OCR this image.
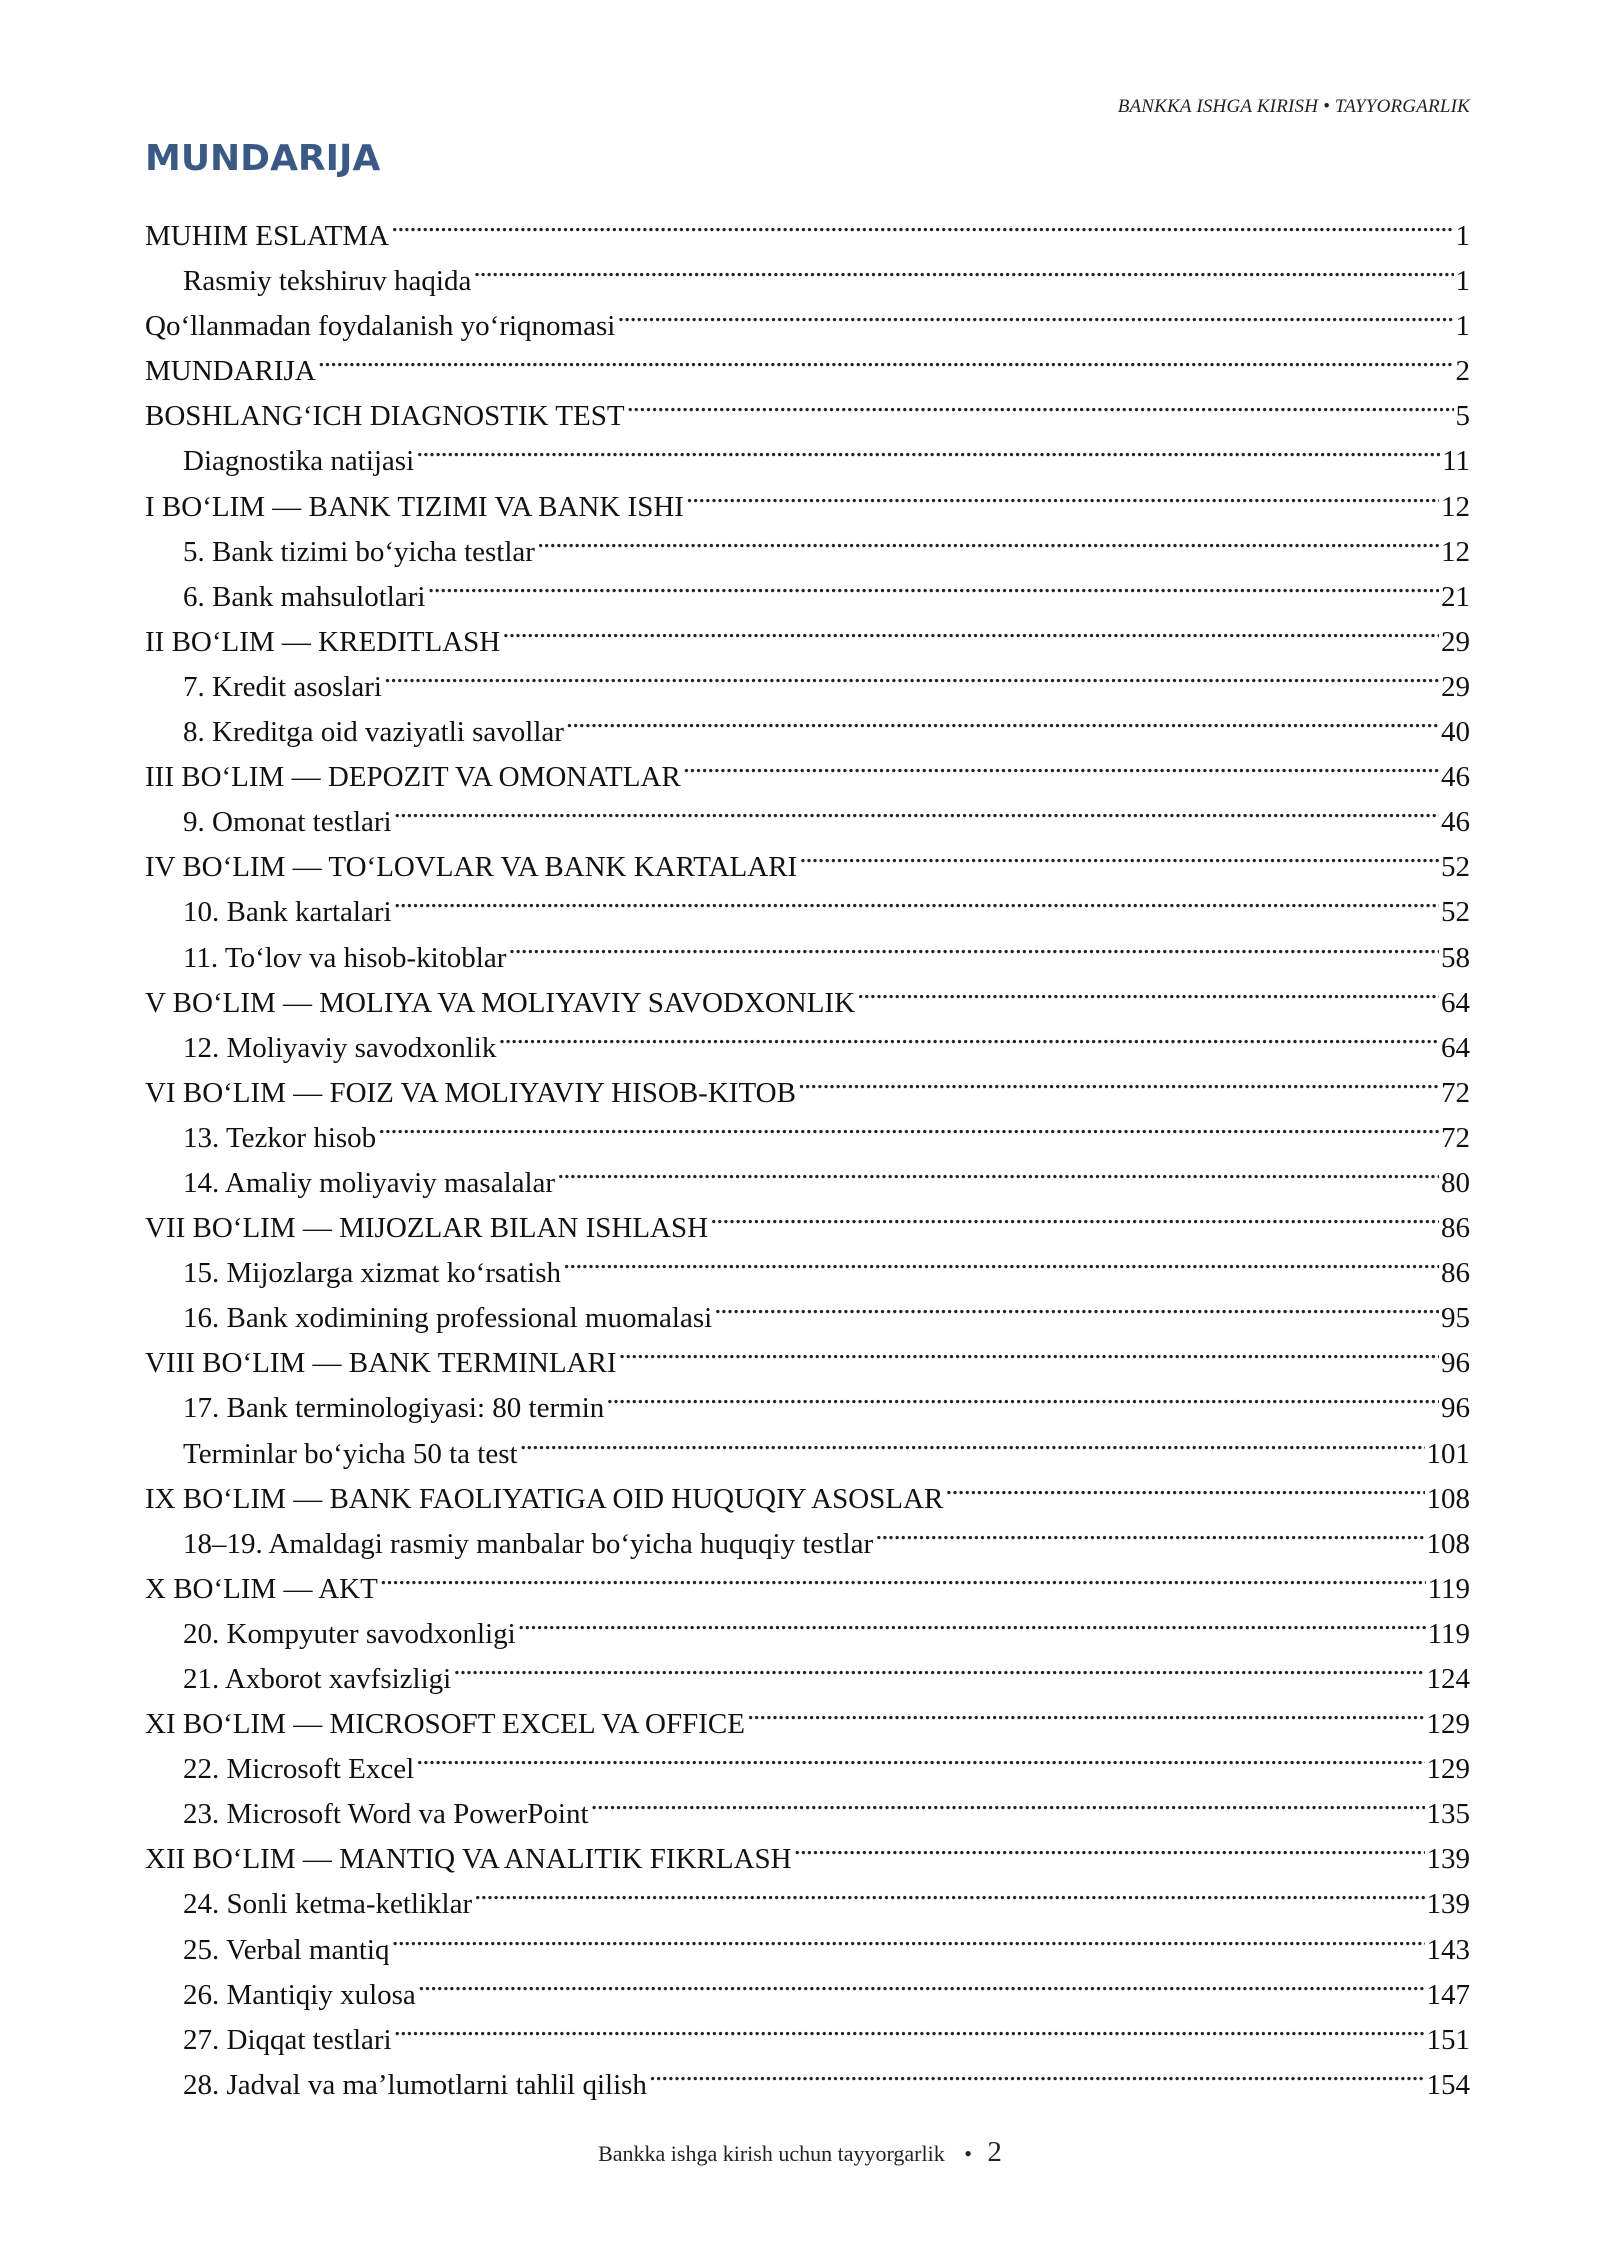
BANKKA ISHGA KIRISH • TAYYORGARLIK
MUNDARIJA
MUHIM ESLATMA . . .	1
Rasmiy tekshiruv haqida . . .	1
Qo‘llanmadan foydalanish yo‘riqnomasi . . .	1
MUNDARIJA . . .	2
BOSHLANG‘ICH DIAGNOSTIK TEST . . .	5
Diagnostika natijasi . . .	11
I BO‘LIM — BANK TIZIMI VA BANK ISHI . . .	12
5. Bank tizimi bo‘yicha testlar . . .	12
6. Bank mahsulotlari . . .	21
II BO‘LIM — KREDITLASH . . .	29
7. Kredit asoslari . . .	29
8. Kreditga oid vaziyatli savollar . . .	40
III BO‘LIM — DEPOZIT VA OMONATLAR . . .	46
9. Omonat testlari . . .	46
IV BO‘LIM — TO‘LOVLAR VA BANK KARTALARI . . .	52
10. Bank kartalari . . .	52
11. To‘lov va hisob-kitoblar . . .	58
V BO‘LIM — MOLIYA VA MOLIYAVIY SAVODXONLIK . . .	64
12. Moliyaviy savodxonlik . . .	64
VI BO‘LIM — FOIZ VA MOLIYAVIY HISOB-KITOB . . .	72
13. Tezkor hisob . . .	72
14. Amaliy moliyaviy masalalar . . .	80
VII BO‘LIM — MIJOZLAR BILAN ISHLASH . . .	86
15. Mijozlarga xizmat ko‘rsatish . . .	86
16. Bank xodimining professional muomalasi . . .	95
VIII BO‘LIM — BANK TERMINLARI . . .	96
17. Bank terminologiyasi: 80 termin . . .	96
Terminlar bo‘yicha 50 ta test . . .	101
IX BO‘LIM — BANK FAOLIYATIGA OID HUQUQIY ASOSLAR . . .	108
18–19. Amaldagi rasmiy manbalar bo‘yicha huquqiy testlar . . .	108
X BO‘LIM — AKT . . .	119
20. Kompyuter savodxonligi . . .	119
21. Axborot xavfsizligi . . .	124
XI BO‘LIM — MICROSOFT EXCEL VA OFFICE . . .	129
22. Microsoft Excel . . .	129
23. Microsoft Word va PowerPoint . . .	135
XII BO‘LIM — MANTIQ VA ANALITIK FIKRLASH . . .	139
24. Sonli ketma-ketliklar . . .	139
25. Verbal mantiq . . .	143
26. Mantiqiy xulosa . . .	147
27. Diqqat testlari . . .	151
28. Jadval va ma’lumotlarni tahlil qilish . . .	154
Bankka ishga kirish uchun tayyorgarlik • 2
